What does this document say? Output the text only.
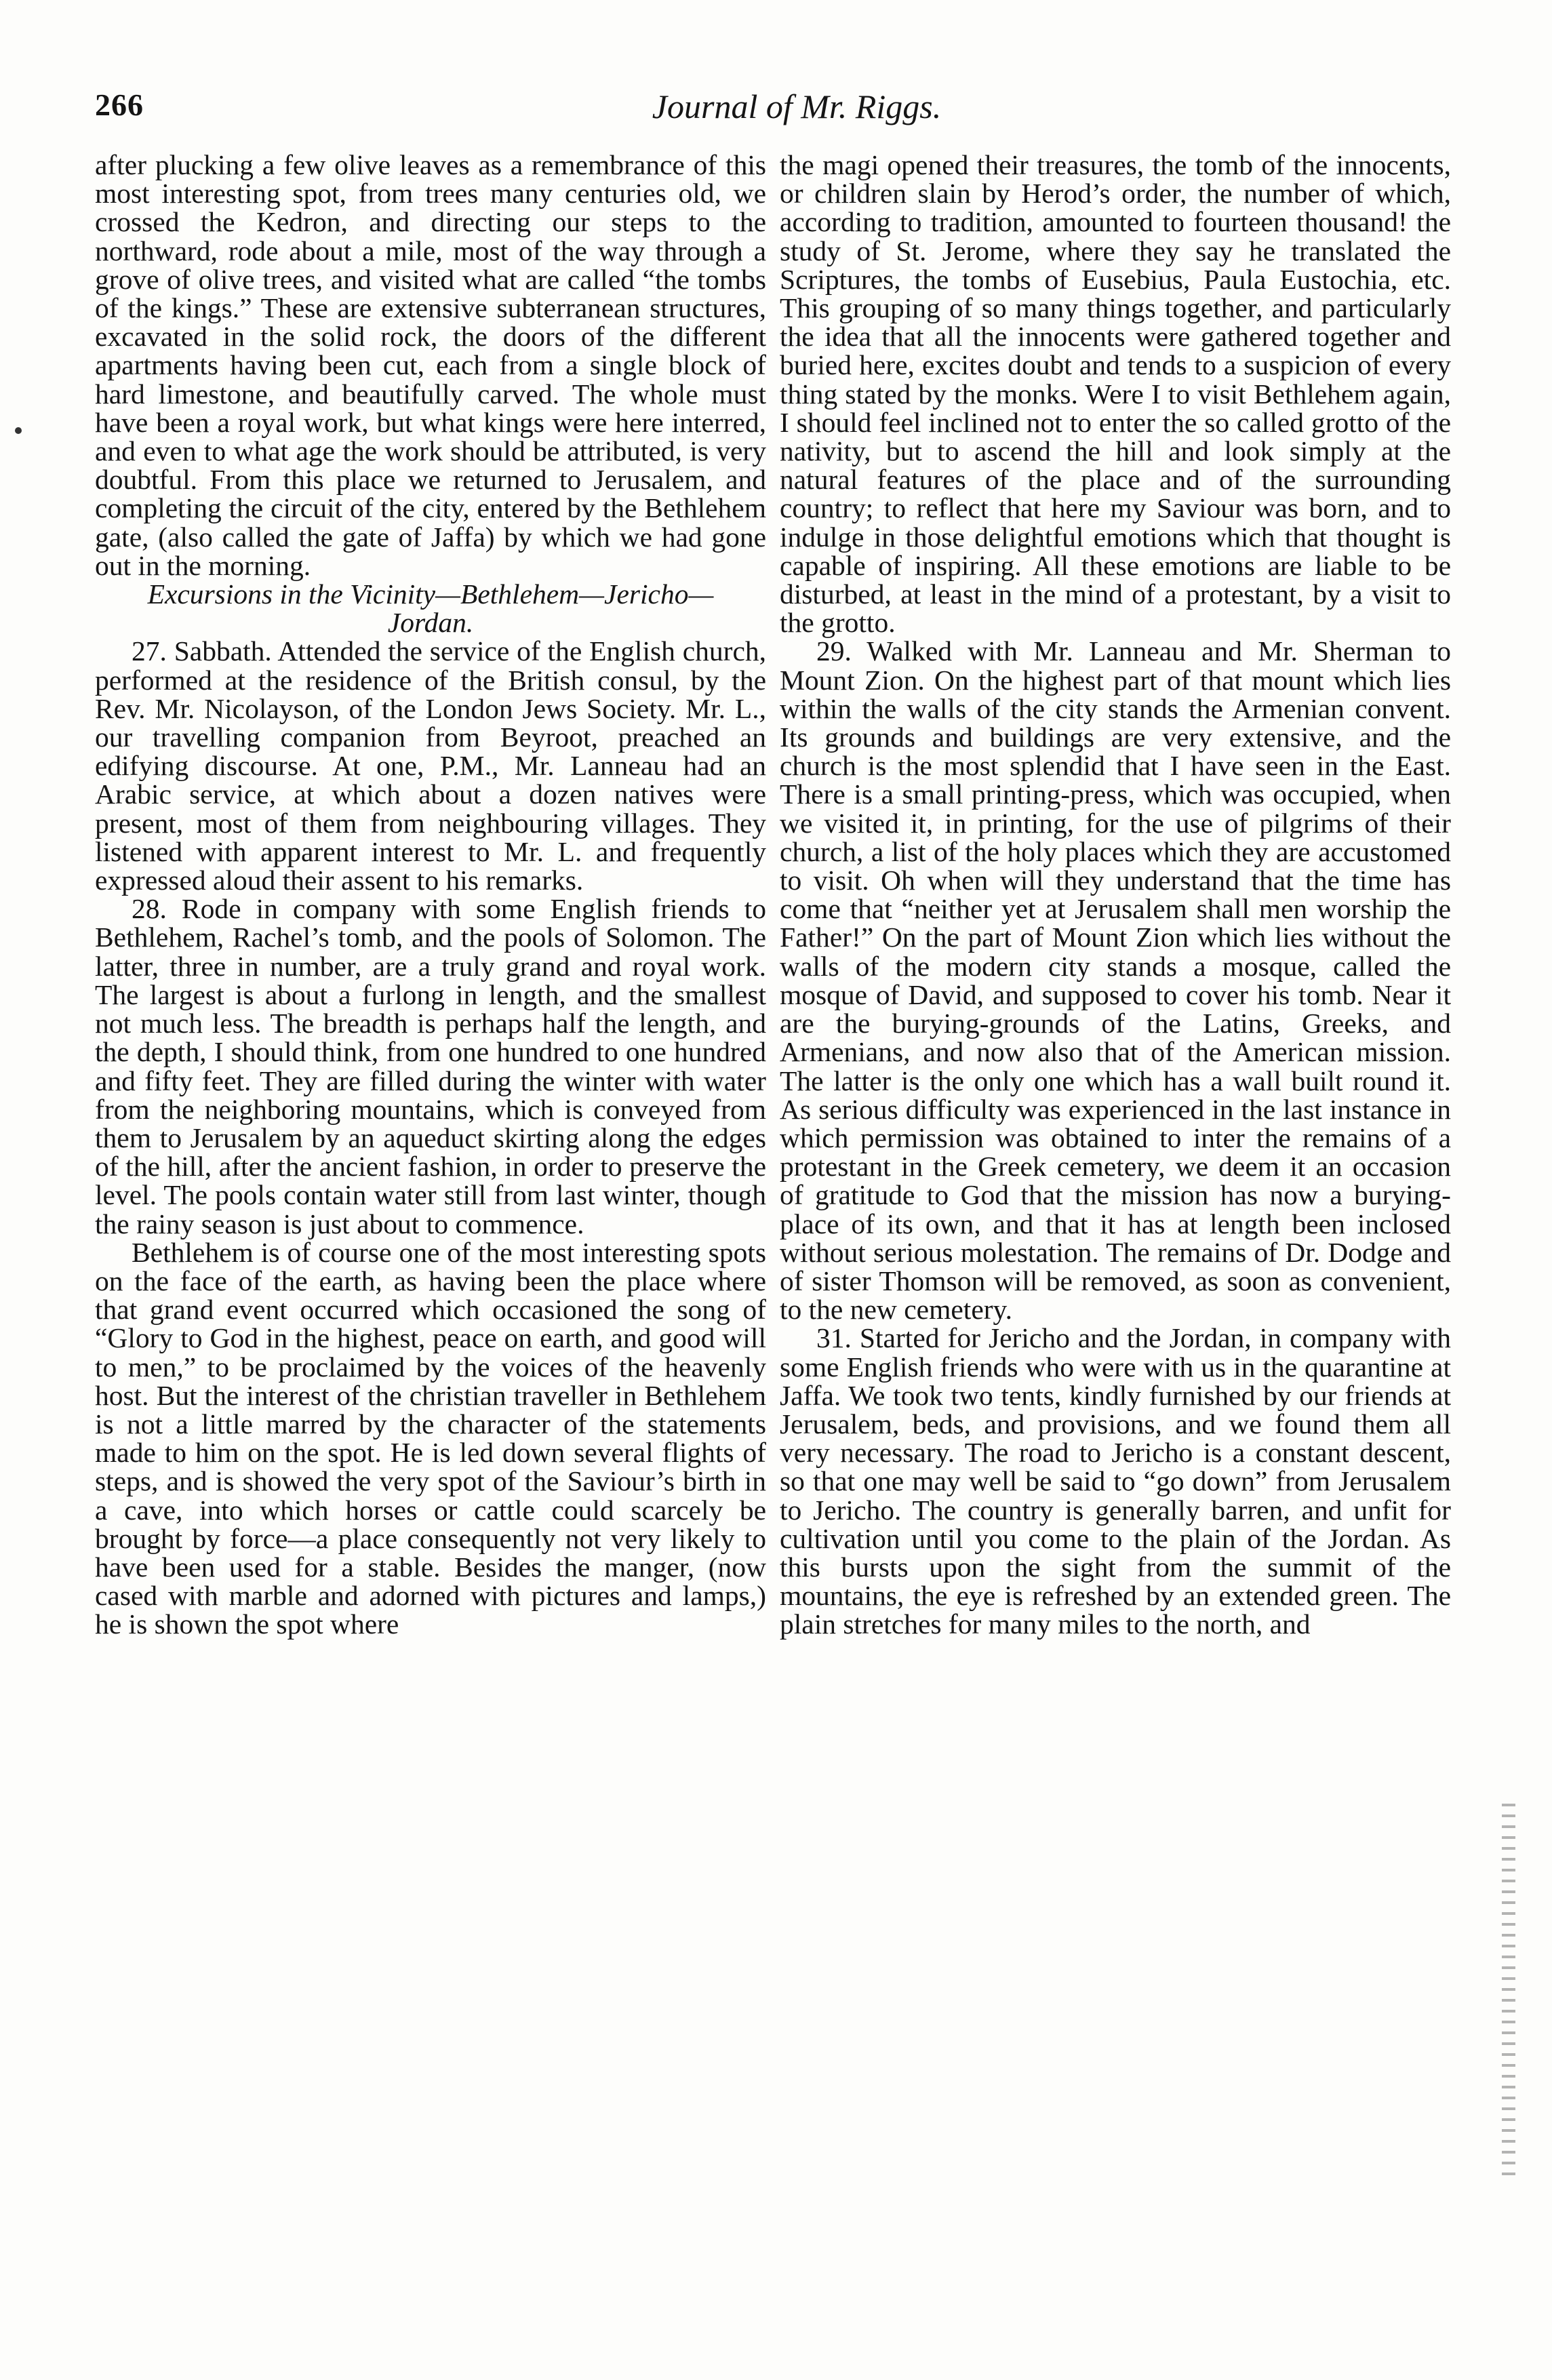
266	Journal of Mr. Riggs.

after plucking a few olive leaves as a remembrance of this most interesting spot, from trees many centuries old, we crossed the Kedron, and directing our steps to the northward, rode about a mile, most of the way through a grove of olive trees, and visited what are called “the tombs of the kings.” These are extensive subterranean structures, excavated in the solid rock, the doors of the different apartments having been cut, each from a single block of hard limestone, and beautifully carved. The whole must have been a royal work, but what kings were here interred, and even to what age the work should be attributed, is very doubtful. From this place we returned to Jerusalem, and completing the circuit of the city, entered by the Bethlehem gate, (also called the gate of Jaffa) by which we had gone out in the morning.

Excursions in the Vicinity—Bethlehem—Jericho—Jordan.

27. Sabbath. Attended the service of the English church, performed at the residence of the British consul, by the Rev. Mr. Nicolayson, of the London Jews Society. Mr. L., our travelling companion from Beyroot, preached an edifying discourse. At one, P.M., Mr. Lanneau had an Arabic service, at which about a dozen natives were present, most of them from neighbouring villages. They listened with apparent interest to Mr. L. and frequently expressed aloud their assent to his remarks.

28. Rode in company with some English friends to Bethlehem, Rachel’s tomb, and the pools of Solomon. The latter, three in number, are a truly grand and royal work. The largest is about a furlong in length, and the smallest not much less. The breadth is perhaps half the length, and the depth, I should think, from one hundred to one hundred and fifty feet. They are filled during the winter with water from the neighboring mountains, which is conveyed from them to Jerusalem by an aqueduct skirting along the edges of the hill, after the ancient fashion, in order to preserve the level. The pools contain water still from last winter, though the rainy season is just about to commence.

Bethlehem is of course one of the most interesting spots on the face of the earth, as having been the place where that grand event occurred which occasioned the song of “Glory to God in the highest, peace on earth, and good will to men,” to be proclaimed by the voices of the heavenly host. But the interest of the christian traveller in Bethlehem is not a little marred by the character of the statements made to him on the spot. He is led down several flights of steps, and is showed the very spot of the Saviour’s birth in a cave, into which horses or cattle could scarcely be brought by force—a place consequently not very likely to have been used for a stable. Besides the manger, (now cased with marble and adorned with pictures and lamps,) he is shown the spot where

the magi opened their treasures, the tomb of the innocents, or children slain by Herod’s order, the number of which, according to tradition, amounted to fourteen thousand! the study of St. Jerome, where they say he translated the Scriptures, the tombs of Eusebius, Paula Eustochia, etc. This grouping of so many things together, and particularly the idea that all the innocents were gathered together and buried here, excites doubt and tends to a suspicion of every thing stated by the monks. Were I to visit Bethlehem again, I should feel inclined not to enter the so called grotto of the nativity, but to ascend the hill and look simply at the natural features of the place and of the surrounding country; to reflect that here my Saviour was born, and to indulge in those delightful emotions which that thought is capable of inspiring. All these emotions are liable to be disturbed, at least in the mind of a protestant, by a visit to the grotto.

29. Walked with Mr. Lanneau and Mr. Sherman to Mount Zion. On the highest part of that mount which lies within the walls of the city stands the Armenian convent. Its grounds and buildings are very extensive, and the church is the most splendid that I have seen in the East. There is a small printing-press, which was occupied, when we visited it, in printing, for the use of pilgrims of their church, a list of the holy places which they are accustomed to visit. Oh when will they understand that the time has come that “neither yet at Jerusalem shall men worship the Father!” On the part of Mount Zion which lies without the walls of the modern city stands a mosque, called the mosque of David, and supposed to cover his tomb. Near it are the burying-grounds of the Latins, Greeks, and Armenians, and now also that of the American mission. The latter is the only one which has a wall built round it. As serious difficulty was experienced in the last instance in which permission was obtained to inter the remains of a protestant in the Greek cemetery, we deem it an occasion of gratitude to God that the mission has now a burying-place of its own, and that it has at length been inclosed without serious molestation. The remains of Dr. Dodge and of sister Thomson will be removed, as soon as convenient, to the new cemetery.

31. Started for Jericho and the Jordan, in company with some English friends who were with us in the quarantine at Jaffa. We took two tents, kindly furnished by our friends at Jerusalem, beds, and provisions, and we found them all very necessary. The road to Jericho is a constant descent, so that one may well be said to “go down” from Jerusalem to Jericho. The country is generally barren, and unfit for cultivation until you come to the plain of the Jordan. As this bursts upon the sight from the summit of the mountains, the eye is refreshed by an extended green. The plain stretches for many miles to the north, and
